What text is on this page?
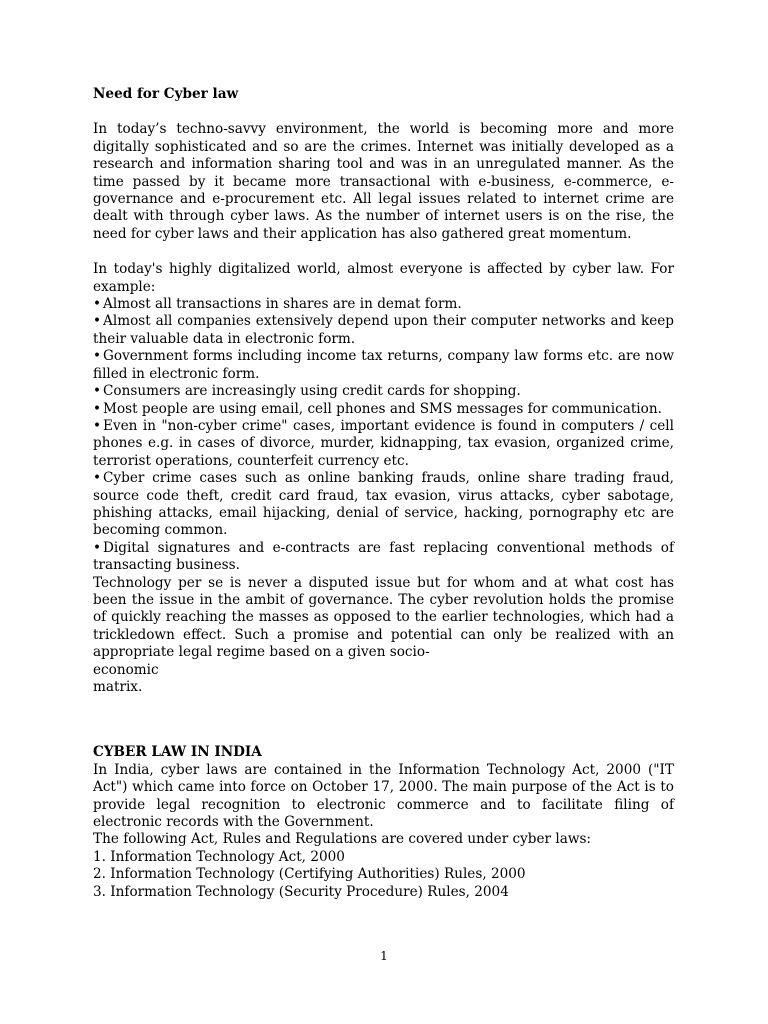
Need for Cyber law

In today’s techno-savvy environment, the world is becoming more and more digitally sophisticated and so are the crimes. Internet was initially developed as a research and information sharing tool and was in an unregulated manner. As the time passed by it became more transactional with e-business, e-commerce, e-governance and e-procurement etc. All legal issues related to internet crime are dealt with through cyber laws. As the number of internet users is on the rise, the need for cyber laws and their application has also gathered great momentum.

In today's highly digitalized world, almost everyone is affected by cyber law. For example:

• Almost all transactions in shares are in demat form.

• Almost all companies extensively depend upon their computer networks and keep their valuable data in electronic form.

• Government forms including income tax returns, company law forms etc. are now filled in electronic form.

• Consumers are increasingly using credit cards for shopping.

• Most people are using email, cell phones and SMS messages for communication.

• Even in "non-cyber crime" cases, important evidence is found in computers / cell phones e.g. in cases of divorce, murder, kidnapping, tax evasion, organized crime, terrorist operations, counterfeit currency etc.

• Cyber crime cases such as online banking frauds, online share trading fraud, source code theft, credit card fraud, tax evasion, virus attacks, cyber sabotage, phishing attacks, email hijacking, denial of service, hacking, pornography etc are becoming common.

• Digital signatures and e-contracts are fast replacing conventional methods of transacting business.

Technology per se is never a disputed issue but for whom and at what cost has been the issue in the ambit of governance. The cyber revolution holds the promise of quickly reaching the masses as opposed to the earlier technologies, which had a trickledown effect. Such a promise and potential can only be realized with an appropriate legal regime based on a given socio-

economic

matrix.

CYBER LAW IN INDIA

In India, cyber laws are contained in the Information Technology Act, 2000 ("IT Act") which came into force on October 17, 2000. The main purpose of the Act is to provide legal recognition to electronic commerce and to facilitate filing of electronic records with the Government.

The following Act, Rules and Regulations are covered under cyber laws:

1. Information Technology Act, 2000

2. Information Technology (Certifying Authorities) Rules, 2000

3. Information Technology (Security Procedure) Rules, 2004

1
